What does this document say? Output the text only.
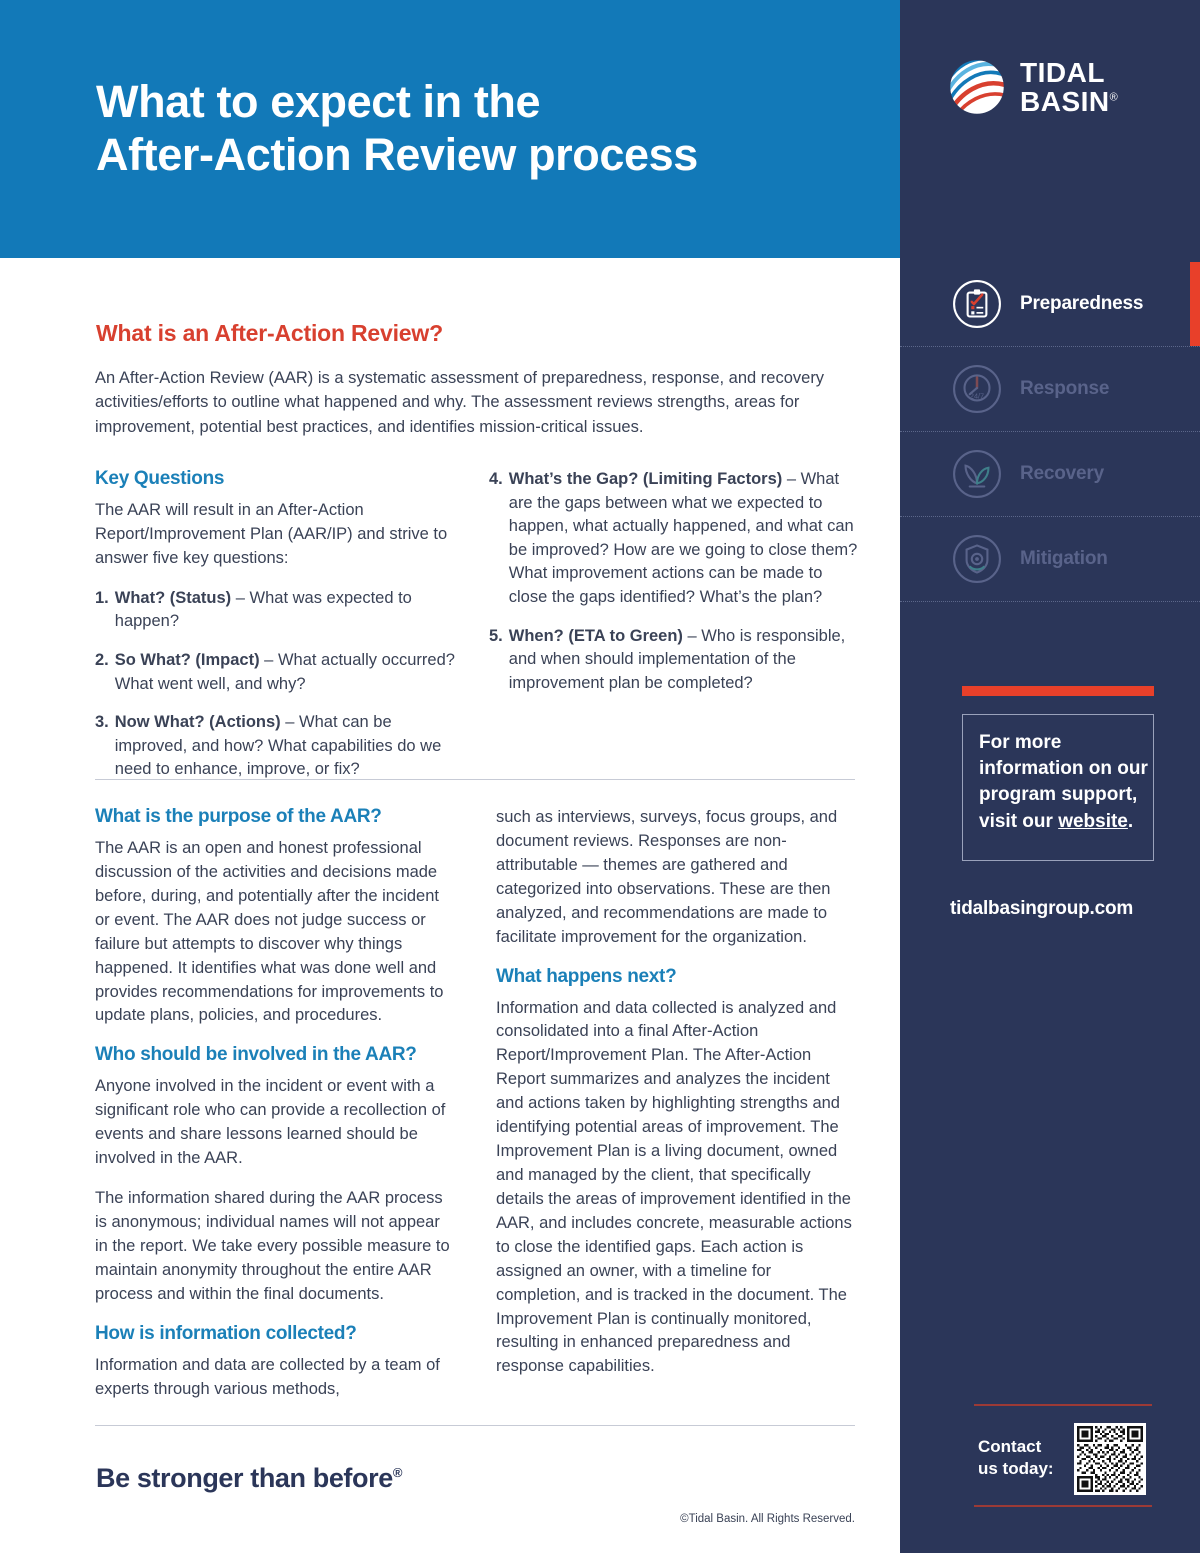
What to expect in the
After-Action Review process
TIDAL
BASIN®
Preparedness
24/7 Response
Recovery
Mitigation
For more information on our program support, visit our website.
tidalbasingroup.com
Contact
us today:
What is an After-Action Review?
An After-Action Review (AAR) is a systematic assessment of preparedness, response, and recovery activities/efforts to outline what happened and why. The assessment reviews strengths, areas for improvement, potential best practices, and identifies mission-critical issues.
Key Questions

The AAR will result in an After-Action Report/Improvement Plan (AAR/IP) and strive to answer five key questions:

1. What? (Status) – What was expected to happen?
2. So What? (Impact) – What actually occurred? What went well, and why?
3. Now What? (Actions) – What can be improved, and how? What capabilities do we need to enhance, improve, or fix?
4. What’s the Gap? (Limiting Factors) – What are the gaps between what we expected to happen, what actually happened, and what can be improved? How are we going to close them? What improvement actions can be made to close the gaps identified? What’s the plan?
5. When? (ETA to Green) – Who is responsible, and when should implementation of the improvement plan be completed?
What is the purpose of the AAR?

The AAR is an open and honest professional discussion of the activities and decisions made before, during, and potentially after the incident or event. The AAR does not judge success or failure but attempts to discover why things happened. It identifies what was done well and provides recommendations for improvements to update plans, policies, and procedures.

Who should be involved in the AAR?

Anyone involved in the incident or event with a significant role who can provide a recollection of events and share lessons learned should be involved in the AAR.

The information shared during the AAR process is anonymous; individual names will not appear in the report. We take every possible measure to maintain anonymity throughout the entire AAR process and within the final documents.

How is information collected?

Information and data are collected by a team of experts through various methods,

such as interviews, surveys, focus groups, and document reviews. Responses are non-attributable — themes are gathered and categorized into observations. These are then analyzed, and recommendations are made to facilitate improvement for the organization.

What happens next?

Information and data collected is analyzed and consolidated into a final After-Action Report/Improvement Plan. The After-Action Report summarizes and analyzes the incident and actions taken by highlighting strengths and identifying potential areas of improvement. The Improvement Plan is a living document, owned and managed by the client, that specifically details the areas of improvement identified in the AAR, and includes concrete, measurable actions to close the identified gaps. Each action is assigned an owner, with a timeline for completion, and is tracked in the document. The Improvement Plan is continually monitored, resulting in enhanced preparedness and response capabilities.

Be stronger than before®
©Tidal Basin. All Rights Reserved.
